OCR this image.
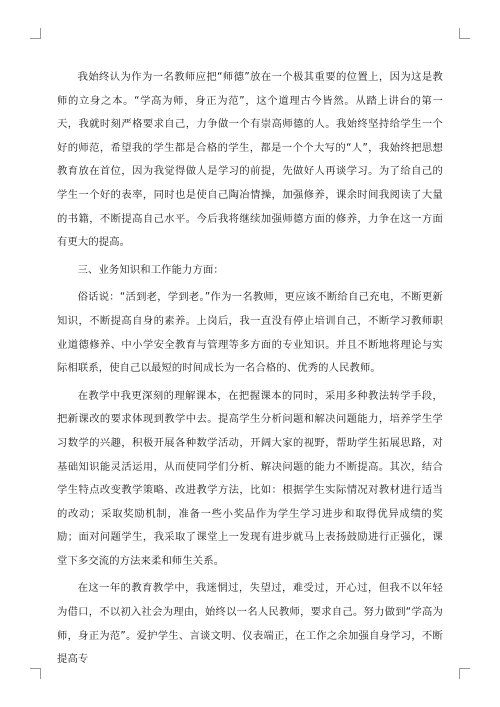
我始终认为作为一名教师应把“师德”放在一个极其重要的位置上，因为这是教师的立身之本。“学高为师，身正为范”，这个道理古今皆然。从踏上讲台的第一天，我就时刻严格要求自己，力争做一个有崇高师德的人。我始终坚持给学生一个好的师范，希望我的学生都是合格的学生，都是一个个大写的“人”，我始终把思想教育放在首位，因为我觉得做人是学习的前提，先做好人再谈学习。为了给自己的学生一个好的表率，同时也是使自己陶冶情操，加强修养，课余时间我阅读了大量的书籍，不断提高自己水平。今后我将继续加强师德方面的修养，力争在这一方面有更大的提高。

三、业务知识和工作能力方面：

俗话说：“活到老，学到老。”作为一名教师，更应该不断给自己充电，不断更新知识，不断提高自身的素养。上岗后，我一直没有停止培训自己，不断学习教师职业道德修养、中小学安全教育与管理等多方面的专业知识。并且不断地将理论与实际相联系，使自己以最短的时间成长为一名合格的、优秀的人民教师。

在教学中我更深刻的理解课本，在把握课本的同时，采用多种教法转学手段，把新课改的要求体现到教学中去。提高学生分析问题和解决问题能力，培养学生学习数学的兴趣，积极开展各种数学活动，开阔大家的视野，帮助学生拓展思路，对基础知识能灵活运用，从而使同学们分析、解决问题的能力不断提高。其次，结合学生特点改变教学策略、改进教学方法，比如：根据学生实际情况对教材进行适当的改动；采取奖励机制，准备一些小奖品作为学生学习进步和取得优异成绩的奖励；面对问题学生，我采取了课堂上一发现有进步就马上表扬鼓励进行正强化，课堂下多交流的方法来柔和师生关系。

在这一年的教育教学中，我迷惘过，失望过，难受过，开心过，但我不以年轻为借口，不以初入社会为理由，始终以一名人民教师，要求自己。努力做到“学高为师，身正为范”。爱护学生、言谈文明、仪表端正，在工作之余加强自身学习，不断提高专
